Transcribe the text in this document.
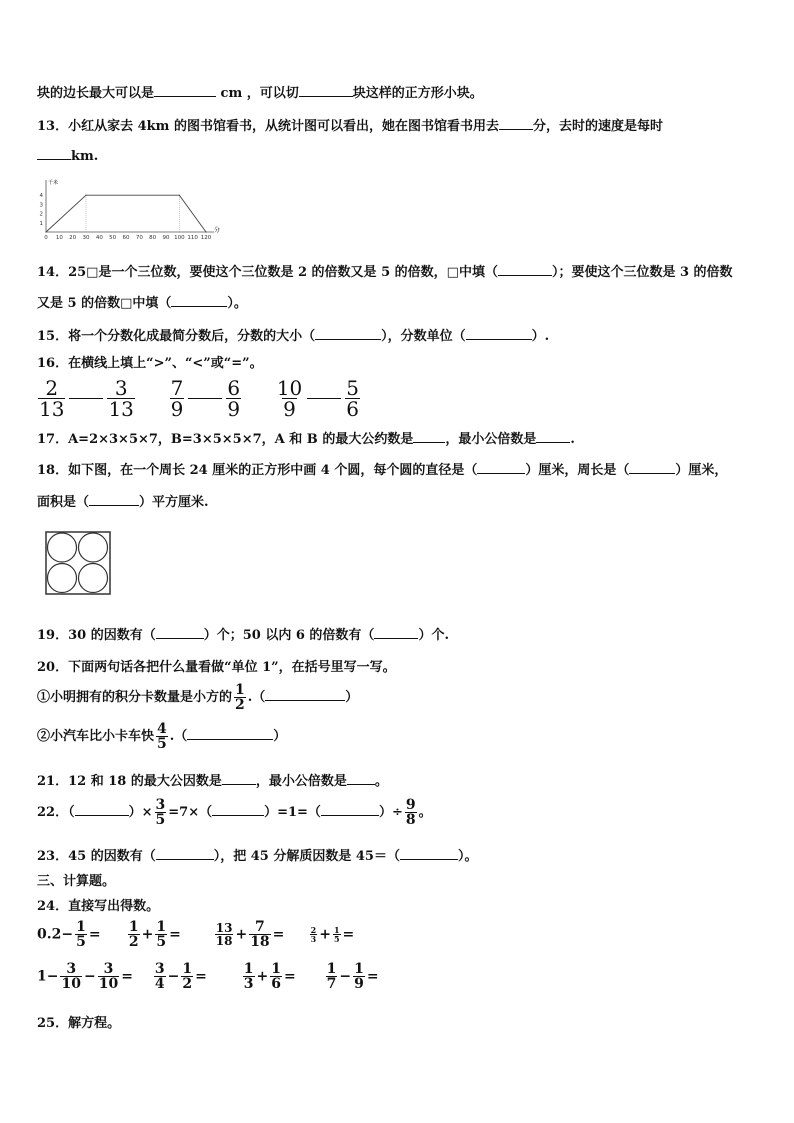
块的边长最大可以是	cm ，可以切	块这样的正方形小块。
13．小红从家去 4km 的图书馆看书，从统计图可以看出，她在图书馆看书用去	分，去时的速度是每时
km.
0 10 20 30 40 50 60 70 80 90 100 110 120
1
2
3
4
分
千米
14．25□是一个三位数，要使这个三位数是 2 的倍数又是 5 的倍数，□中填（	）；要使这个三位数是 3 的倍数
又是 5 的倍数□中填（	）。
15．将一个分数化成最简分数后，分数的大小（	），分数单位（	）.
16．在横线上填上“>”、“<”或“=”。
$\frac{2}{13} \frac{3}{13}$
$\frac{7}{9} \frac{6}{9}$
$\frac{10}{9} \frac{5}{6}$
17．A=2×3×5×7，B=3×5×5×7，A 和 B 的最大公约数是 ，最小公倍数是	.
18．如下图，在一个周长 24 厘米的正方形中画 4 个圆，每个圆的直径是（	）厘米，周长是（	）厘米，
面积是（	）平方厘米.
19．30 的因数有（	）个；50 以内 6 的倍数有（	）个.
20．下面两句话各把什么量看做“单位 1”，在括号里写一写。
①小明拥有的积分卡数量是小方的 $\frac{1}{2}$ .（	）
②小汽车比小卡车快 $\frac{4}{5}$ .（	）
21．12 和 18 的最大公因数是	，最小公倍数是 。
22．（	）× $\frac{3}{5} =7\times$（	）=1=（	）÷ $\frac{9}{8}$ 。
23．45 的因数有（	），把 45 分解质因数是 45＝（	）。
三、计算题。
24．直接写出得数。
$0.2- \frac{1}{5} = \frac{1}{2} + \frac{1}{5}$ =	$\frac{13}{18} + \frac{7}{18}$ =	$\frac{2}{3} + \frac{1}{5}$ =
$1- \frac{3}{10} - \frac{3}{10} = \frac{3}{4} - \frac{1}{2}$ =	$\frac{1}{3} + \frac{1}{6} = \frac{1}{7} - \frac{1}{9}$ =
25．解方程。
